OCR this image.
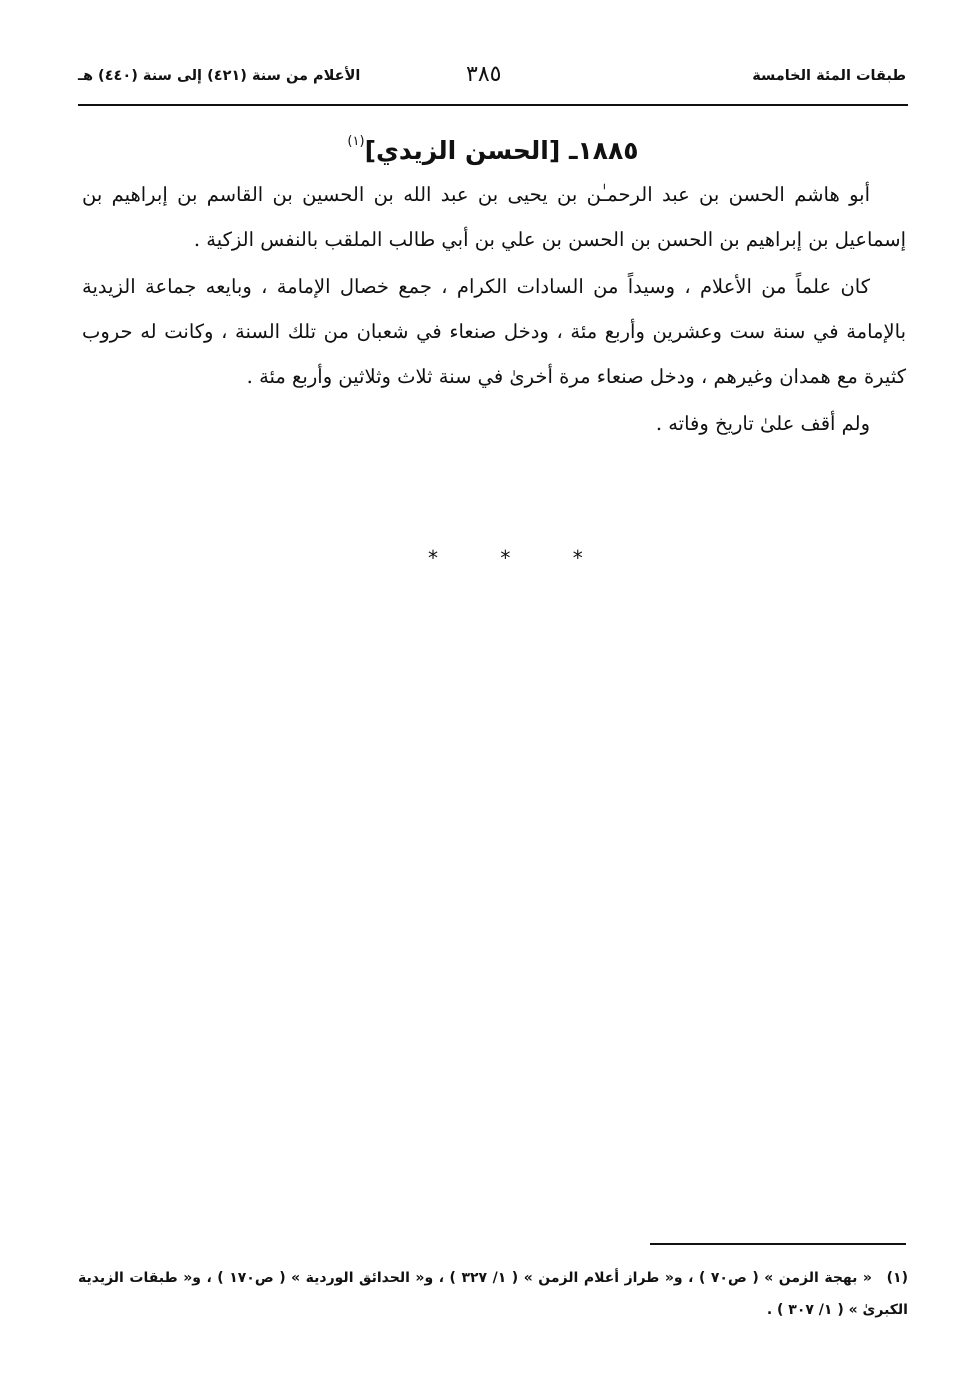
طبقات المئة الخامسة
٣٨٥
الأعلام من سنة (٤٢١) إلى سنة (٤٤٠) هـ
١٨٨٥ـ [الحسن الزيدي]$^{(١)}$

أبو هاشم الحسن بن عبد الرحمـٰن بن يحيى بن عبد الله بن الحسين بن القاسم بن إبراهيم بن إسماعيل بن إبراهيم بن الحسن بن الحسن بن علي بن أبي طالب الملقب بالنفس الزكية .

كان علماً من الأعلام ، وسيداً من السادات الكرام ، جمع خصال الإمامة ، وبايعه جماعة الزيدية بالإمامة في سنة ست وعشرين وأربع مئة ، ودخل صنعاء في شعبان من تلك السنة ، وكانت له حروب كثيرة مع همدان وغيرهم ، ودخل صنعاء مرة أخرىٰ في سنة ثلاث وثلاثين وأربع مئة .

ولم أقف علىٰ تاريخ وفاته .

* * *
(١)« بهجة الزمن » ( ص٧٠ ) ، و« طراز أعلام الزمن » ( ١/ ٣٢٧ ) ، و« الحدائق الوردية » ( ص١٧٠ ) ، و« طبقات الزيدية الكبرىٰ » ( ١/ ٣٠٧ ) .
